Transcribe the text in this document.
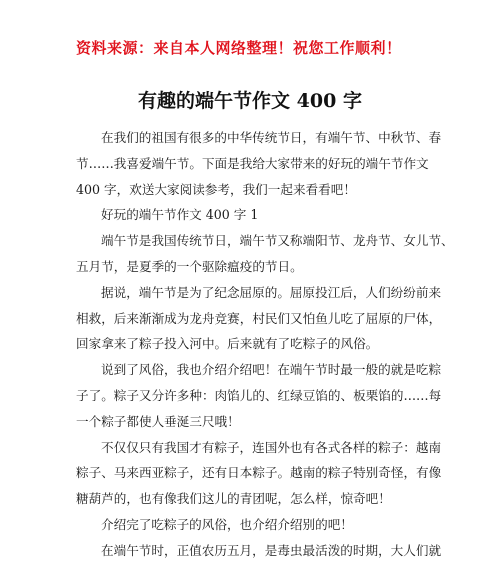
资料来源：来自本人网络整理！祝您工作顺利！
有趣的端午节作文 400 字
在我们的祖国有很多的中华传统节日，有端午节、中秋节、春
节……我喜爱端午节。下面是我给大家带来的好玩的端午节作文
400 字，欢送大家阅读参考，我们一起来看看吧！
好玩的端午节作文 400 字 1
端午节是我国传统节日，端午节又称端阳节、龙舟节、女儿节、
五月节，是夏季的一个驱除瘟疫的节日。
据说，端午节是为了纪念屈原的。屈原投江后，人们纷纷前来
相救，后来渐渐成为龙舟竞赛，村民们又怕鱼儿吃了屈原的尸体，
回家拿来了粽子投入河中。后来就有了吃粽子的风俗。
说到了风俗，我也介绍介绍吧！在端午节时最一般的就是吃粽
子了。粽子又分许多种：肉馅儿的、红绿豆馅的、板栗馅的……每
一个粽子都使人垂涎三尺哦！
不仅仅只有我国才有粽子，连国外也有各式各样的粽子：越南
粽子、马来西亚粽子，还有日本粽子。越南的粽子特别奇怪，有像
糖葫芦的，也有像我们这儿的青团呢，怎么样，惊奇吧！
介绍完了吃粽子的风俗，也介绍介绍别的吧！
在端午节时，正值农历五月，是毒虫最活泼的时期，大人们就
